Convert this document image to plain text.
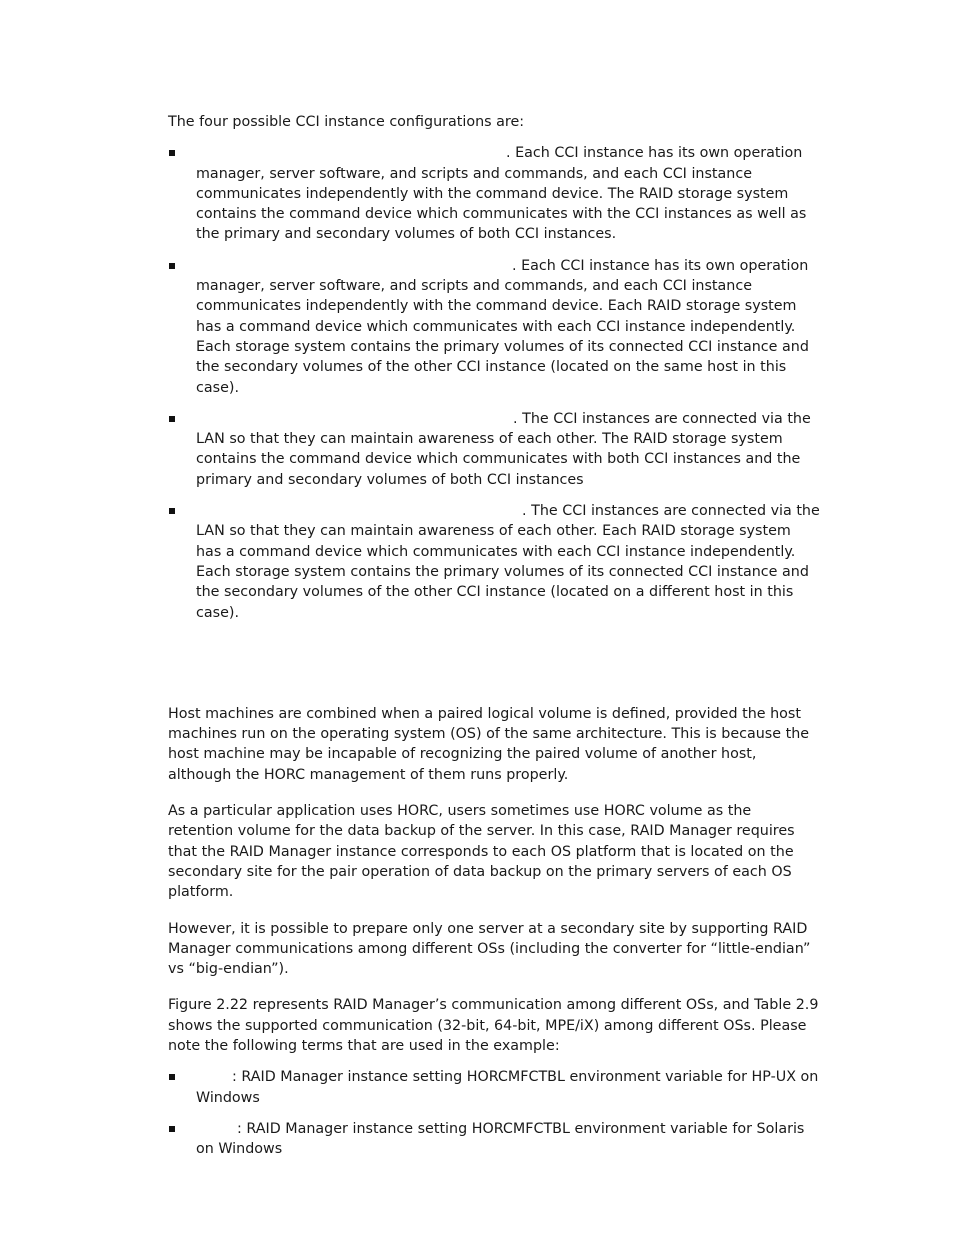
The four possible CCI instance configurations are:

. Each CCI instance has its own operation manager, server software, and scripts and commands, and each CCI instance communicates independently with the command device. The RAID storage system contains the command device which communicates with the CCI instances as well as the primary and secondary volumes of both CCI instances.
. Each CCI instance has its own operation manager, server software, and scripts and commands, and each CCI instance communicates independently with the command device. Each RAID storage system has a command device which communicates with each CCI instance independently. Each storage system contains the primary volumes of its connected CCI instance and the secondary volumes of the other CCI instance (located on the same host in this case).
. The CCI instances are connected via the LAN so that they can maintain awareness of each other. The RAID storage system contains the command device which communicates with both CCI instances and the primary and secondary volumes of both CCI instances
. The CCI instances are connected via the LAN so that they can maintain awareness of each other. Each RAID storage system has a command device which communicates with each CCI instance independently. Each storage system contains the primary volumes of its connected CCI instance and the secondary volumes of the other CCI instance (located on a different host in this case).

Host machines are combined when a paired logical volume is defined, provided the host machines run on the operating system (OS) of the same architecture. This is because the host machine may be incapable of recognizing the paired volume of another host, although the HORC management of them runs properly.

As a particular application uses HORC, users sometimes use HORC volume as the retention volume for the data backup of the server. In this case, RAID Manager requires that the RAID Manager instance corresponds to each OS platform that is located on the secondary site for the pair operation of data backup on the primary servers of each OS platform.

However, it is possible to prepare only one server at a secondary site by supporting RAID Manager communications among different OSs (including the converter for “little-endian” vs “big-endian”).

Figure 2.22 represents RAID Manager’s communication among different OSs, and Table 2.9 shows the supported communication (32-bit, 64-bit, MPE/iX) among different OSs. Please note the following terms that are used in the example:

: RAID Manager instance setting HORCMFCTBL environment variable for HP-UX on Windows
: RAID Manager instance setting HORCMFCTBL environment variable for Solaris on Windows
